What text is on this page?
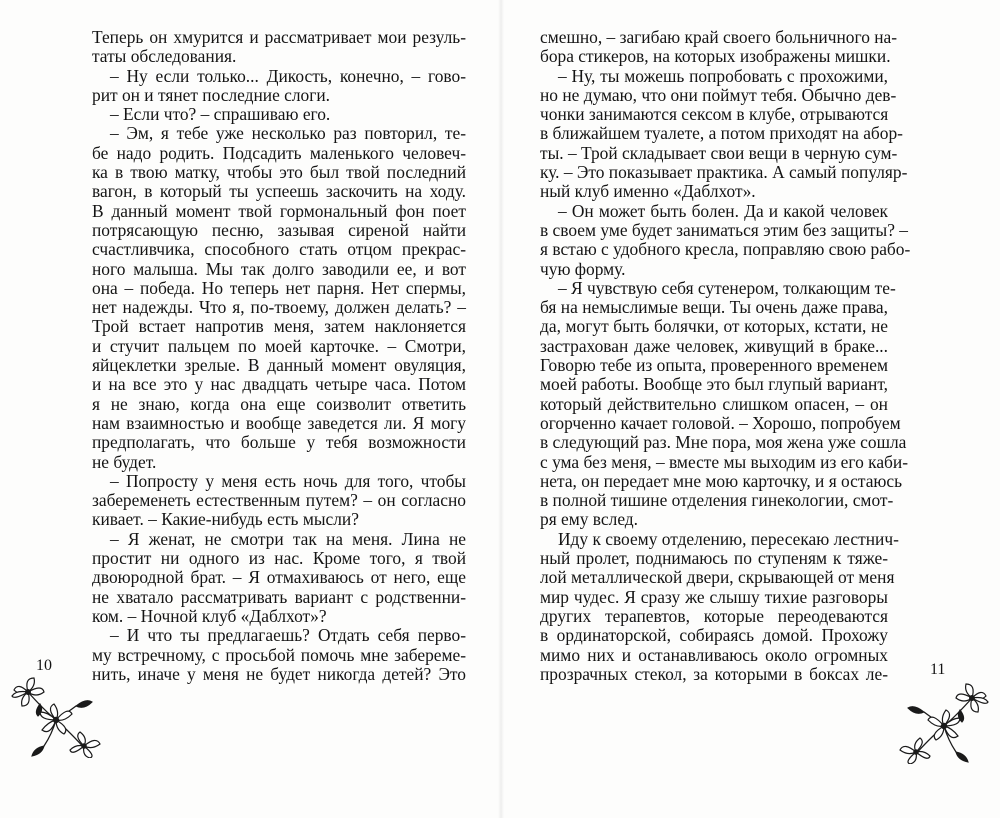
Теперь он хмурится и рассматривает мои резуль-
таты обследования.
– Ну если только... Дикость, конечно, – гово-
рит он и тянет последние слоги.
– Если что? – спрашиваю его.
– Эм, я тебе уже несколько раз повторил, те-
бе надо родить. Подсадить маленького человеч-
ка в твою матку, чтобы это был твой последний
вагон, в который ты успеешь заскочить на ходу.
В данный момент твой гормональный фон поет
потрясающую песню, зазывая сиреной найти
счастливчика, способного стать отцом прекрас-
ного малыша. Мы так долго заводили ее, и вот
она – победа. Но теперь нет парня. Нет спермы,
нет надежды. Что я, по-твоему, должен делать? –
Трой встает напротив меня, затем наклоняется
и стучит пальцем по моей карточке. – Смотри,
яйцеклетки зрелые. В данный момент овуляция,
и на все это у нас двадцать четыре часа. Потом
я не знаю, когда она еще соизволит ответить
нам взаимностью и вообще заведется ли. Я могу
предполагать, что больше у тебя возможности
не будет.
– Попросту у меня есть ночь для того, чтобы
забеременеть естественным путем? – он согласно
кивает. – Какие-нибудь есть мысли?
– Я женат, не смотри так на меня. Лина не
простит ни одного из нас. Кроме того, я твой
двоюродной брат. – Я отмахиваюсь от него, еще
не хватало рассматривать вариант с родственни-
ком. – Ночной клуб «Даблхот»?
– И что ты предлагаешь? Отдать себя перво-
му встречному, с просьбой помочь мне забереме-
нить, иначе у меня не будет никогда детей? Это
смешно, – загибаю край своего больничного на-
бора стикеров, на которых изображены мишки.
– Ну, ты можешь попробовать с прохожими,
но не думаю, что они поймут тебя. Обычно дев-
чонки занимаются сексом в клубе, отрываются
в ближайшем туалете, а потом приходят на абор-
ты. – Трой складывает свои вещи в черную сум-
ку. – Это показывает практика. А самый популяр-
ный клуб именно «Даблхот».
– Он может быть болен. Да и какой человек
в своем уме будет заниматься этим без защиты? –
я встаю с удобного кресла, поправляю свою рабо-
чую форму.
– Я чувствую себя сутенером, толкающим те-
бя на немыслимые вещи. Ты очень даже права,
да, могут быть болячки, от которых, кстати, не
застрахован даже человек, живущий в браке...
Говорю тебе из опыта, проверенного временем
моей работы. Вообще это был глупый вариант,
который действительно слишком опасен, – он
огорченно качает головой. – Хорошо, попробуем
в следующий раз. Мне пора, моя жена уже сошла
с ума без меня, – вместе мы выходим из его каби-
нета, он передает мне мою карточку, и я остаюсь
в полной тишине отделения гинекологии, смот-
ря ему вслед.
Иду к своему отделению, пересекаю лестнич-
ный пролет, поднимаюсь по ступеням к тяже-
лой металлической двери, скрывающей от меня
мир чудес. Я сразу же слышу тихие разговоры
других терапевтов, которые переодеваются
в ординаторской, собираясь домой. Прохожу
мимо них и останавливаюсь около огромных
прозрачных стекол, за которыми в боксах ле-
10	11
